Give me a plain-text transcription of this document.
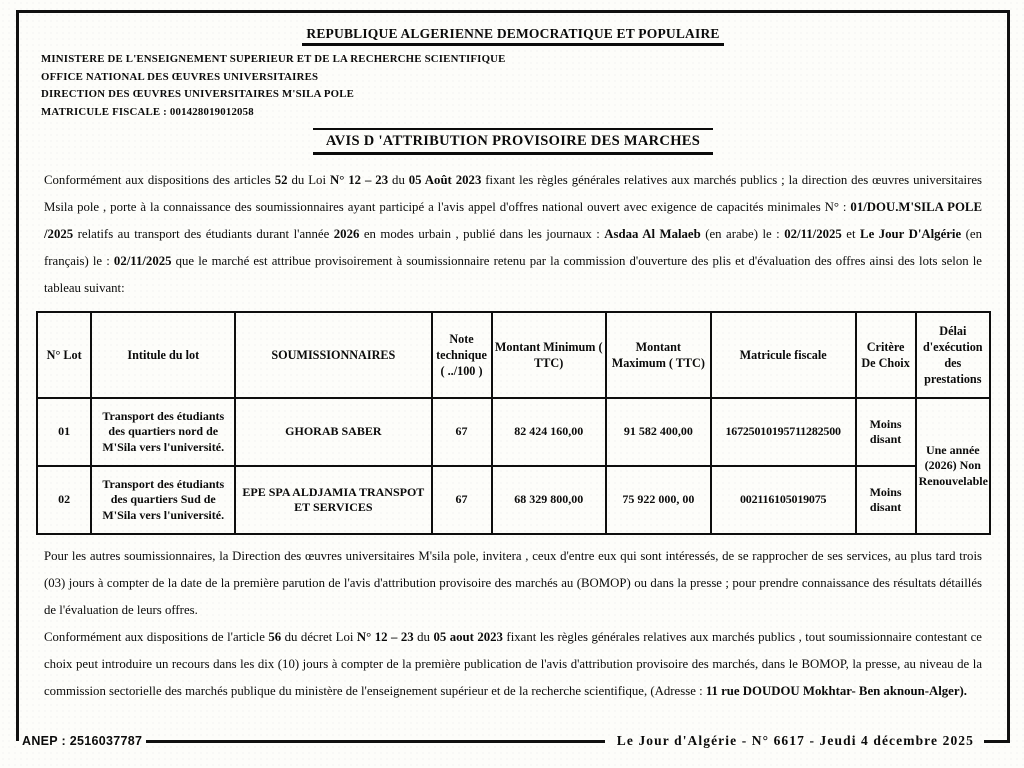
REPUBLIQUE ALGERIENNE DEMOCRATIQUE ET POPULAIRE
MINISTERE DE L'ENSEIGNEMENT SUPERIEUR ET DE LA RECHERCHE SCIENTIFIQUE
OFFICE NATIONAL DES ŒUVRES UNIVERSITAIRES
DIRECTION DES ŒUVRES UNIVERSITAIRES M'SILA POLE
MATRICULE FISCALE : 001428019012058
AVIS D 'ATTRIBUTION PROVISOIRE DES MARCHES

Conformément aux dispositions des articles 52 du Loi N° 12 – 23 du 05 Août 2023 fixant les règles générales relatives aux marchés publics ; la direction des œuvres universitaires Msila pole , porte à la connaissance des soumissionnaires ayant participé a l'avis appel d'offres national ouvert avec exigence de capacités minimales N° : 01/DOU.M'SILA POLE /2025 relatifs au transport des étudiants durant l'année 2026 en modes urbain , publié dans les journaux : Asdaa Al Malaeb (en arabe) le : 02/11/2025 et Le Jour D'Algérie (en français) le : 02/11/2025 que le marché est attribue provisoirement à soumissionnaire retenu par la commission d'ouverture des plis et d'évaluation des offres ainsi des lots selon le tableau suivant:

N° Lot	Intitule du lot	SOUMISSIONNAIRES	Note technique ( ../100 )	Montant Minimum ( TTC)	Montant Maximum ( TTC)	Matricule fiscale	Critère De Choix	Délai d'exécution des prestations
01	Transport des étudiants des quartiers nord de M'Sila vers l'université.	GHORAB SABER	67	82 424 160,00	91 582 400,00	16725010195711282500	Moins disant	Une année (2026) Non Renouvelable
02	Transport des étudiants des quartiers Sud de M'Sila vers l'université.	EPE SPA ALDJAMIA TRANSPOT ET SERVICES	67	68 329 800,00	75 922 000, 00	002116105019075	Moins disant	

Pour les autres soumissionnaires, la Direction des œuvres universitaires M'sila pole, invitera , ceux d'entre eux qui sont intéressés, de se rapprocher de ses services, au plus tard trois (03) jours à compter de la date de la première parution de l'avis d'attribution provisoire des marchés au (BOMOP) ou dans la presse ; pour prendre connaissance des résultats détaillés de l'évaluation de leurs offres.

Conformément aux dispositions de l'article 56 du décret Loi N° 12 – 23 du 05 aout 2023 fixant les règles générales relatives aux marchés publics , tout soumissionnaire contestant ce choix peut introduire un recours dans les dix (10) jours à compter de la première publication de l'avis d'attribution provisoire des marchés, dans le BOMOP, la presse, au niveau de la commission sectorielle des marchés publique du ministère de l'enseignement supérieur et de la recherche scientifique, (Adresse : 11 rue DOUDOU Mokhtar- Ben aknoun-Alger).

ANEP : 2516037787	Le Jour d'Algérie - N° 6617 - Jeudi 4 décembre 2025
